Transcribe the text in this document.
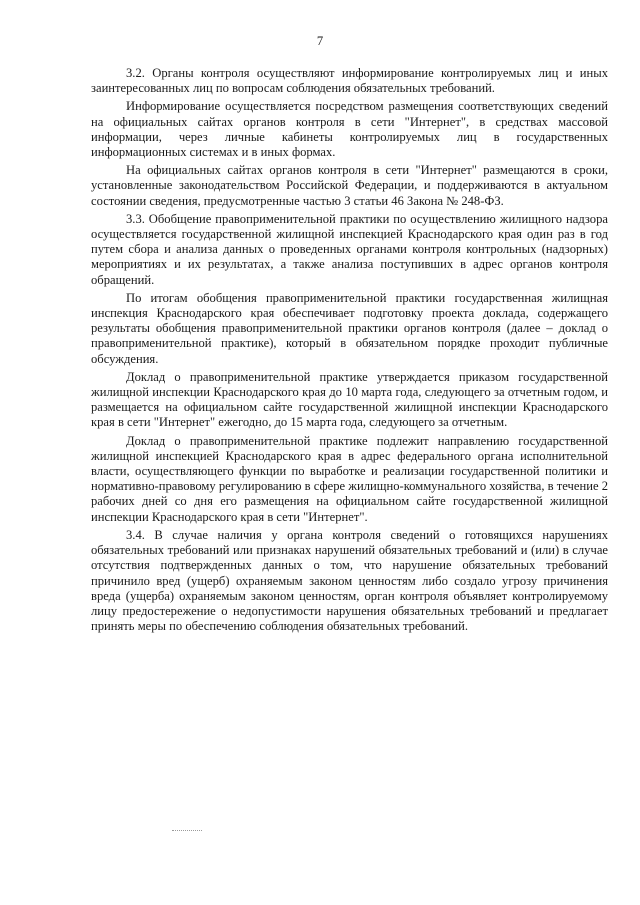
7

3.2. Органы контроля осуществляют информирование контролируемых лиц и иных заинтересованных лиц по вопросам соблюдения обязательных требований.

Информирование осуществляется посредством размещения соответствующих сведений на официальных сайтах органов контроля в сети "Интернет", в средствах массовой информации, через личные кабинеты контролируемых лиц в государственных информационных системах и в иных формах.

На официальных сайтах органов контроля в сети "Интернет" размещаются в сроки, установленные законодательством Российской Федерации, и поддерживаются в актуальном состоянии сведения, предусмотренные частью 3 статьи 46 Закона № 248-ФЗ.

3.3. Обобщение правоприменительной практики по осуществлению жилищного надзора осуществляется государственной жилищной инспекцией Краснодарского края один раз в год путем сбора и анализа данных о проведенных органами контроля контрольных (надзорных) мероприятиях и их результатах, а также анализа поступивших в адрес органов контроля обращений.

По итогам обобщения правоприменительной практики государственная жилищная инспекция Краснодарского края обеспечивает подготовку проекта доклада, содержащего результаты обобщения правоприменительной практики органов контроля (далее – доклад о правоприменительной практике), который в обязательном порядке проходит публичные обсуждения.

Доклад о правоприменительной практике утверждается приказом государственной жилищной инспекции Краснодарского края до 10 марта года, следующего за отчетным годом, и размещается на официальном сайте государственной жилищной инспекции Краснодарского края в сети "Интернет" ежегодно, до 15 марта года, следующего за отчетным.

Доклад о правоприменительной практике подлежит направлению государственной жилищной инспекцией Краснодарского края в адрес федерального органа исполнительной власти, осуществляющего функции по выработке и реализации государственной политики и нормативно-правовому регулированию в сфере жилищно-коммунального хозяйства, в течение 2 рабочих дней со дня его размещения на официальном сайте государственной жилищной инспекции Краснодарского края в сети "Интернет".

3.4. В случае наличия у органа контроля сведений о готовящихся нарушениях обязательных требований или признаках нарушений обязательных требований и (или) в случае отсутствия подтвержденных данных о том, что нарушение обязательных требований причинило вред (ущерб) охраняемым законом ценностям либо создало угрозу причинения вреда (ущерба) охраняемым законом ценностям, орган контроля объявляет контролируемому лицу предостережение о недопустимости нарушения обязательных требований и предлагает принять меры по обеспечению соблюдения обязательных требований.
